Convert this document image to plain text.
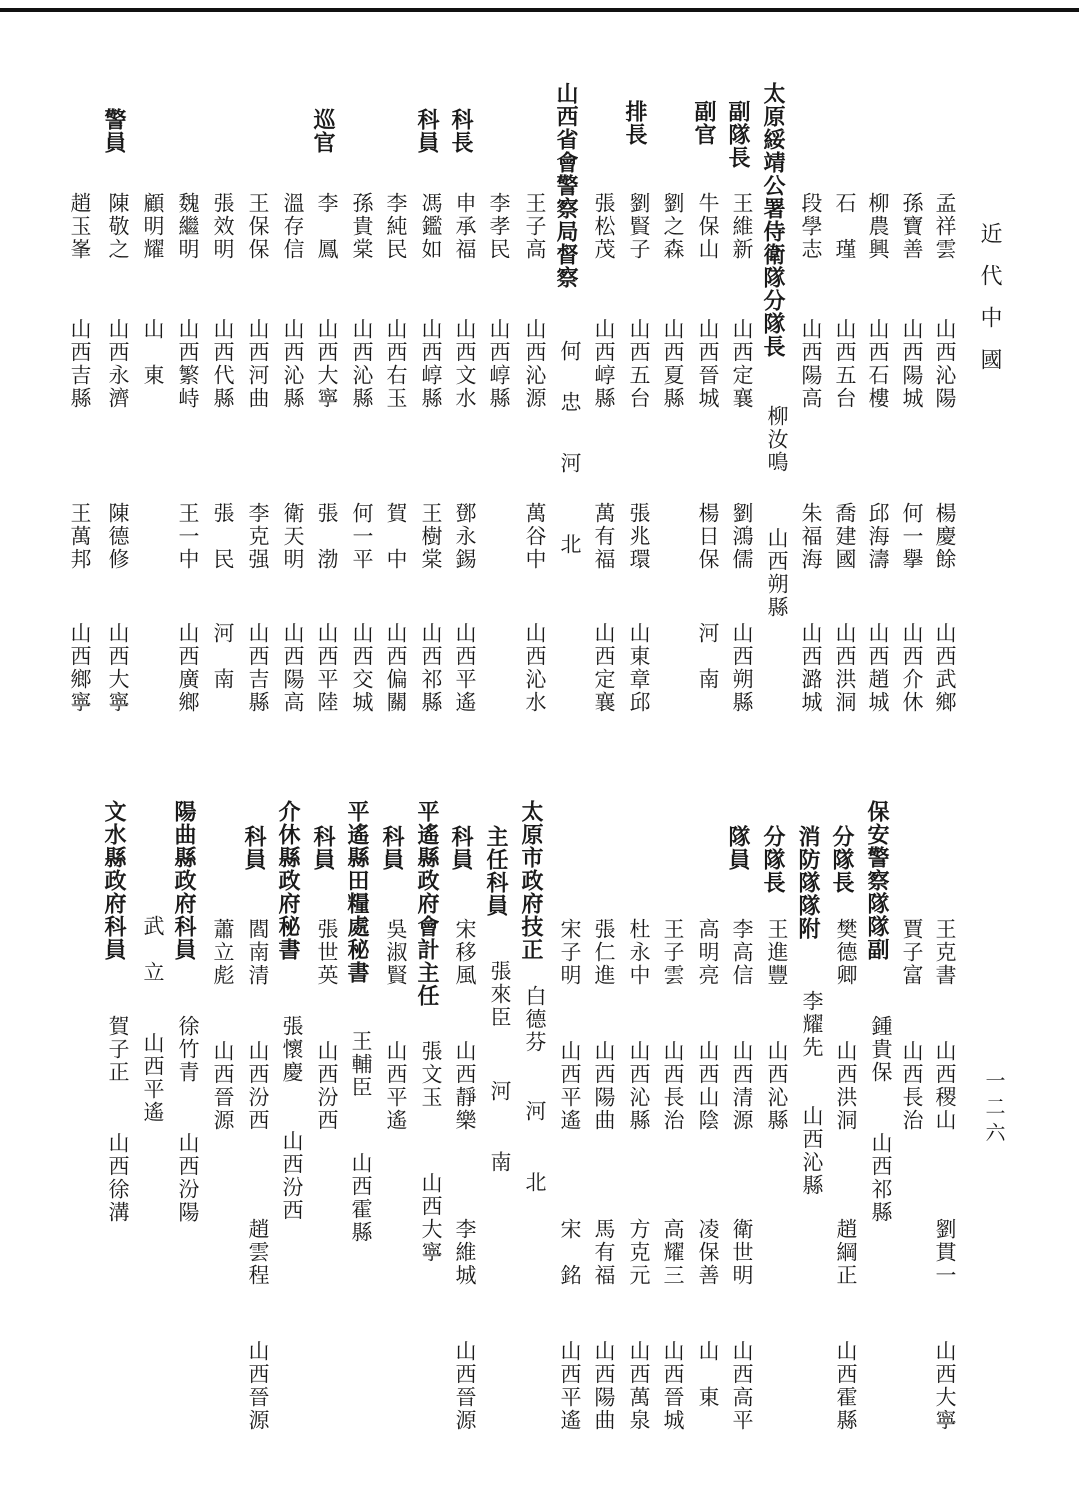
近代中國
一二六
孟祥雲
山西沁陽
楊慶餘
山西武鄉
孫寶善
山西陽城
何一擧
山西介休
柳農興
山西石樓
邱海濤
山西趙城
石　瑾
山西五台
喬建國
山西洪洞
段學志
山西陽高
朱福海
山西潞城
太原綏靖公署侍衛隊分隊長
柳汝鳴
山西朔縣
副隊長
王維新
山西定襄
劉鴻儒
山西朔縣
副官
牛保山
山西晉城
楊日保
河　南
劉之森
山西夏縣
排長
劉賢子
山西五台
張兆環
山東章邱
張松茂
山西崞縣
萬有福
山西定襄
山西省會警察局督察
何忠
河北
王子高
山西沁源
萬谷中
山西沁水
李孝民
山西崞縣
科長
申承福
山西文水
鄧永錫
山西平遙
科員
馮鑑如
山西崞縣
王樹棠
山西祁縣
李純民
山西右玉
賀　中
山西偏關
孫貴棠
山西沁縣
何一平
山西交城
巡官
李　鳳
山西大寧
張　渤
山西平陸
溫存信
山西沁縣
衛天明
山西陽高
王保保
山西河曲
李克强
山西吉縣
張效明
山西代縣
張　民
河　南
魏繼明
山西繁峙
王一中
山西廣鄉
顧明耀
山　東
警員
陳敬之
山西永濟
陳德修
山西大寧
趙玉峯
山西吉縣
王萬邦
山西鄉寧
王克書
山西稷山
劉貫一
山西大寧
賈子富
山西長治
保安警察隊隊副
鍾貴保
山西祁縣
分隊長
樊德卿
山西洪洞
趙綱正
山西霍縣
消防隊隊附
李耀先
山西沁縣
分隊長
王進豐
山西沁縣
隊員
李高信
山西清源
衛世明
山西高平
高明亮
山西山陰
凌保善
山　東
王子雲
山西長治
高耀三
山西晉城
杜永中
山西沁縣
方克元
山西萬泉
張仁進
山西陽曲
馬有福
山西陽曲
宋子明
山西平遙
宋　銘
山西平遙
太原市政府技正
白德芬
河北
主任科員
張來臣
河南
科員
宋移風
山西靜樂
李維城
山西晉源
平遙縣政府會計主任
張文玉
山西大寧
科員
吳淑賢
山西平遙
平遙縣田糧處秘書
王輔臣
山西霍縣
科員
張世英
山西汾西
介休縣政府秘書
張懷慶
山西汾西
科員
閻南清
山西汾西
趙雲程
山西晉源
蕭立彪
山西晉源
陽曲縣政府科員
徐竹青
山西汾陽
武　立
山西平遙
文水縣政府科員
賀子正
山西徐溝
